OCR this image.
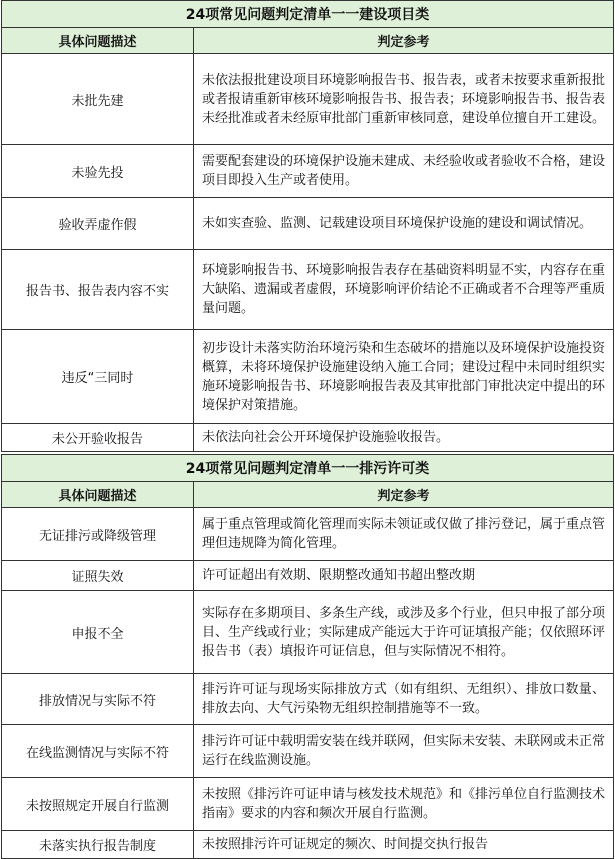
24项常见问题判定清单一一建设项目类	
具体问题描述	判定参考
未批先建	未依法报批建设项目环境影响报告书、报告表，或者未按要求重新报批或者报请重新审核环境影响报告书、报告表；环境影响报告书、报告表未经批准或者未经原审批部门重新审核同意，建设单位擅自开工建设。
未验先投	需要配套建设的环境保护设施未建成、未经验收或者验收不合格，建设项目即投入生产或者使用。
验收弄虚作假	未如实查验、监测、记载建设项目环境保护设施的建设和调试情况。
报告书、报告表内容不实	环境影响报告书、环境影响报告表存在基础资料明显不实，内容存在重大缺陷、遗漏或者虚假，环境影响评价结论不正确或者不合理等严重质量问题。
违反“三同时	初步设计未落实防治环境污染和生态破坏的措施以及环境保护设施投资概算，未将环境保护设施建设纳入施工合同；建设过程中未同时组织实施环境影响报告书、环境影响报告表及其审批部门审批决定中提出的环境保护对策措施。
未公开验收报告	未依法向社会公开环境保护设施验收报告。

24项常见问题判定清单一一排污许可类	
具体问题描述	判定参考
无证排污或降级管理	属于重点管理或简化管理而实际未领证或仅做了排污登记，属于重点管理但违规降为简化管理。
证照失效	许可证超出有效期、限期整改通知书超出整改期
申报不全	实际存在多期项目、多条生产线，或涉及多个行业，但只申报了部分项目、生产线或行业；实际建成产能远大于许可证填报产能；仅依照环评报告书（表）填报许可证信息，但与实际情况不相符。
排放情况与实际不符	排污许可证与现场实际排放方式（如有组织、无组织）、排放口数量、排放去向、大气污染物无组织控制措施等不一致。
在线监测情况与实际不符	排污许可证中载明需安装在线并联网，但实际未安装、未联网或未正常运行在线监测设施。
未按照规定开展自行监测	未按照《排污许可证申请与核发技术规范》和《排污单位自行监测技术指南》要求的内容和频次开展自行监测。
未落实执行报告制度	未按照排污许可证规定的频次、时间提交执行报告
